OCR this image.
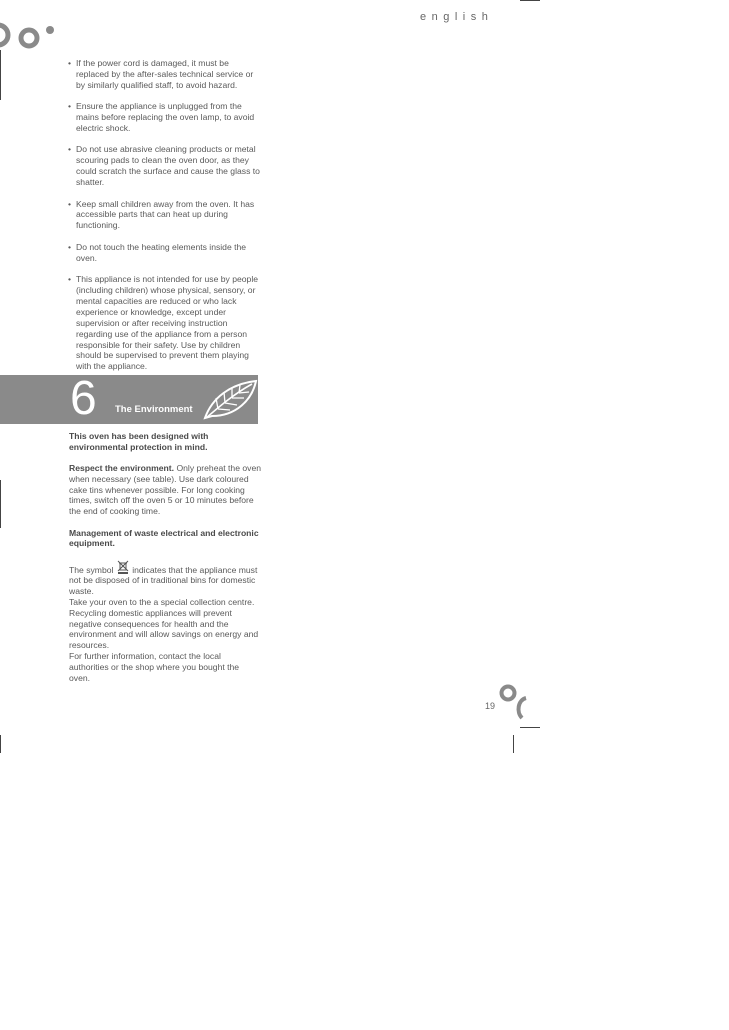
english
• If the power cord is damaged, it must be replaced by the after-sales technical service or by similarly qualified staff, to avoid hazard.
• Ensure the appliance is unplugged from the mains before replacing the oven lamp, to avoid electric shock.
• Do not use abrasive cleaning products or metal scouring pads to clean the oven door, as they could scratch the surface and cause the glass to shatter.
• Keep small children away from the oven. It has accessible parts that can heat up during functioning.
• Do not touch the heating elements inside the oven.
• This appliance is not intended for use by people (including children) whose physical, sensory, or mental capacities are reduced or who lack experience or knowledge, except under supervision or after receiving instruction regarding use of the appliance from a person responsible for their safety. Use by children should be supervised to prevent them playing with the appliance.
6 The Environment

This oven has been designed with environmental protection in mind.

Respect the environment. Only preheat the oven when necessary (see table). Use dark coloured cake tins whenever possible. For long cooking times, switch off the oven 5 or 10 minutes before the end of cooking time.

Management of waste electrical and electronic equipment.

The symbol  indicates that the appliance must not be disposed of in traditional bins for domestic waste.

Take your oven to the a special collection centre. Recycling domestic appliances will prevent negative consequences for health and the environment and will allow savings on energy and resources.

For further information, contact the local authorities or the shop where you bought the oven.

19
